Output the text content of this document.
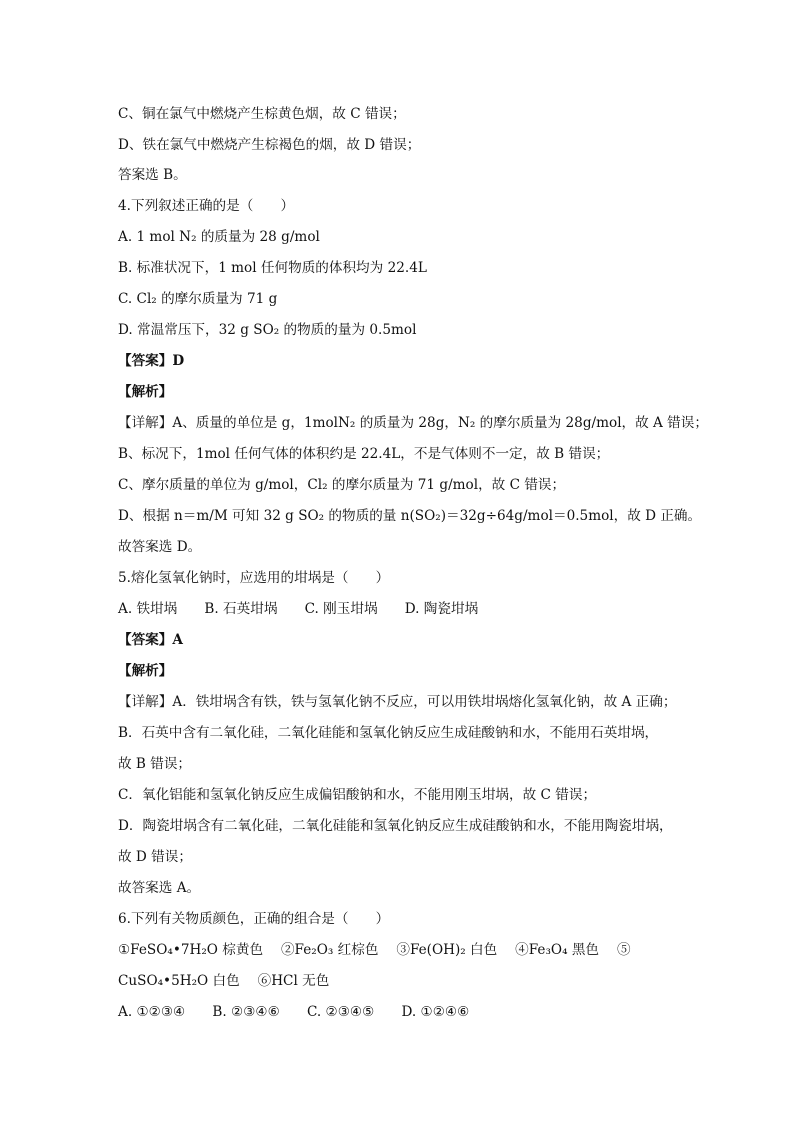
C、铜在氯气中燃烧产生棕黄色烟，故 C 错误；
D、铁在氯气中燃烧产生棕褐色的烟，故 D 错误；
答案选 B。
4.下列叙述正确的是（　　）
A. 1 mol N₂ 的质量为 28 g/mol
B. 标准状况下，1 mol 任何物质的体积均为 22.4L
C. Cl₂ 的摩尔质量为 71 g
D. 常温常压下，32 g SO₂ 的物质的量为 0.5mol
【答案】D
【解析】
【详解】A、质量的单位是 g，1molN₂ 的质量为 28g，N₂ 的摩尔质量为 28g/mol，故 A 错误；
B、标况下，1mol 任何气体的体积约是 22.4L，不是气体则不一定，故 B 错误；
C、摩尔质量的单位为 g/mol，Cl₂ 的摩尔质量为 71 g/mol，故 C 错误；
D、根据 n＝m/M 可知 32 g SO₂ 的物质的量 n(SO₂)＝32g÷64g/mol＝0.5mol，故 D 正确。
故答案选 D。
5.熔化氢氧化钠时，应选用的坩埚是（　　）
A. 铁坩埚　　B. 石英坩埚　　C. 刚玉坩埚　　D. 陶瓷坩埚
【答案】A
【解析】
【详解】A．铁坩埚含有铁，铁与氢氧化钠不反应，可以用铁坩埚熔化氢氧化钠，故 A 正确；
B．石英中含有二氧化硅，二氧化硅能和氢氧化钠反应生成硅酸钠和水，不能用石英坩埚，
故 B 错误；
C．氧化铝能和氢氧化钠反应生成偏铝酸钠和水，不能用刚玉坩埚，故 C 错误；
D．陶瓷坩埚含有二氧化硅，二氧化硅能和氢氧化钠反应生成硅酸钠和水，不能用陶瓷坩埚，
故 D 错误；
故答案选 A。
6.下列有关物质颜色，正确的组合是（　　）
①FeSO₄•7H₂O 棕黄色　 ②Fe₂O₃ 红棕色　 ③Fe(OH)₂ 白色　 ④Fe₃O₄ 黑色　 ⑤
CuSO₄•5H₂O 白色　 ⑥HCl 无色
A. ①②③④　　B. ②③④⑥　　C. ②③④⑤　　D. ①②④⑥
